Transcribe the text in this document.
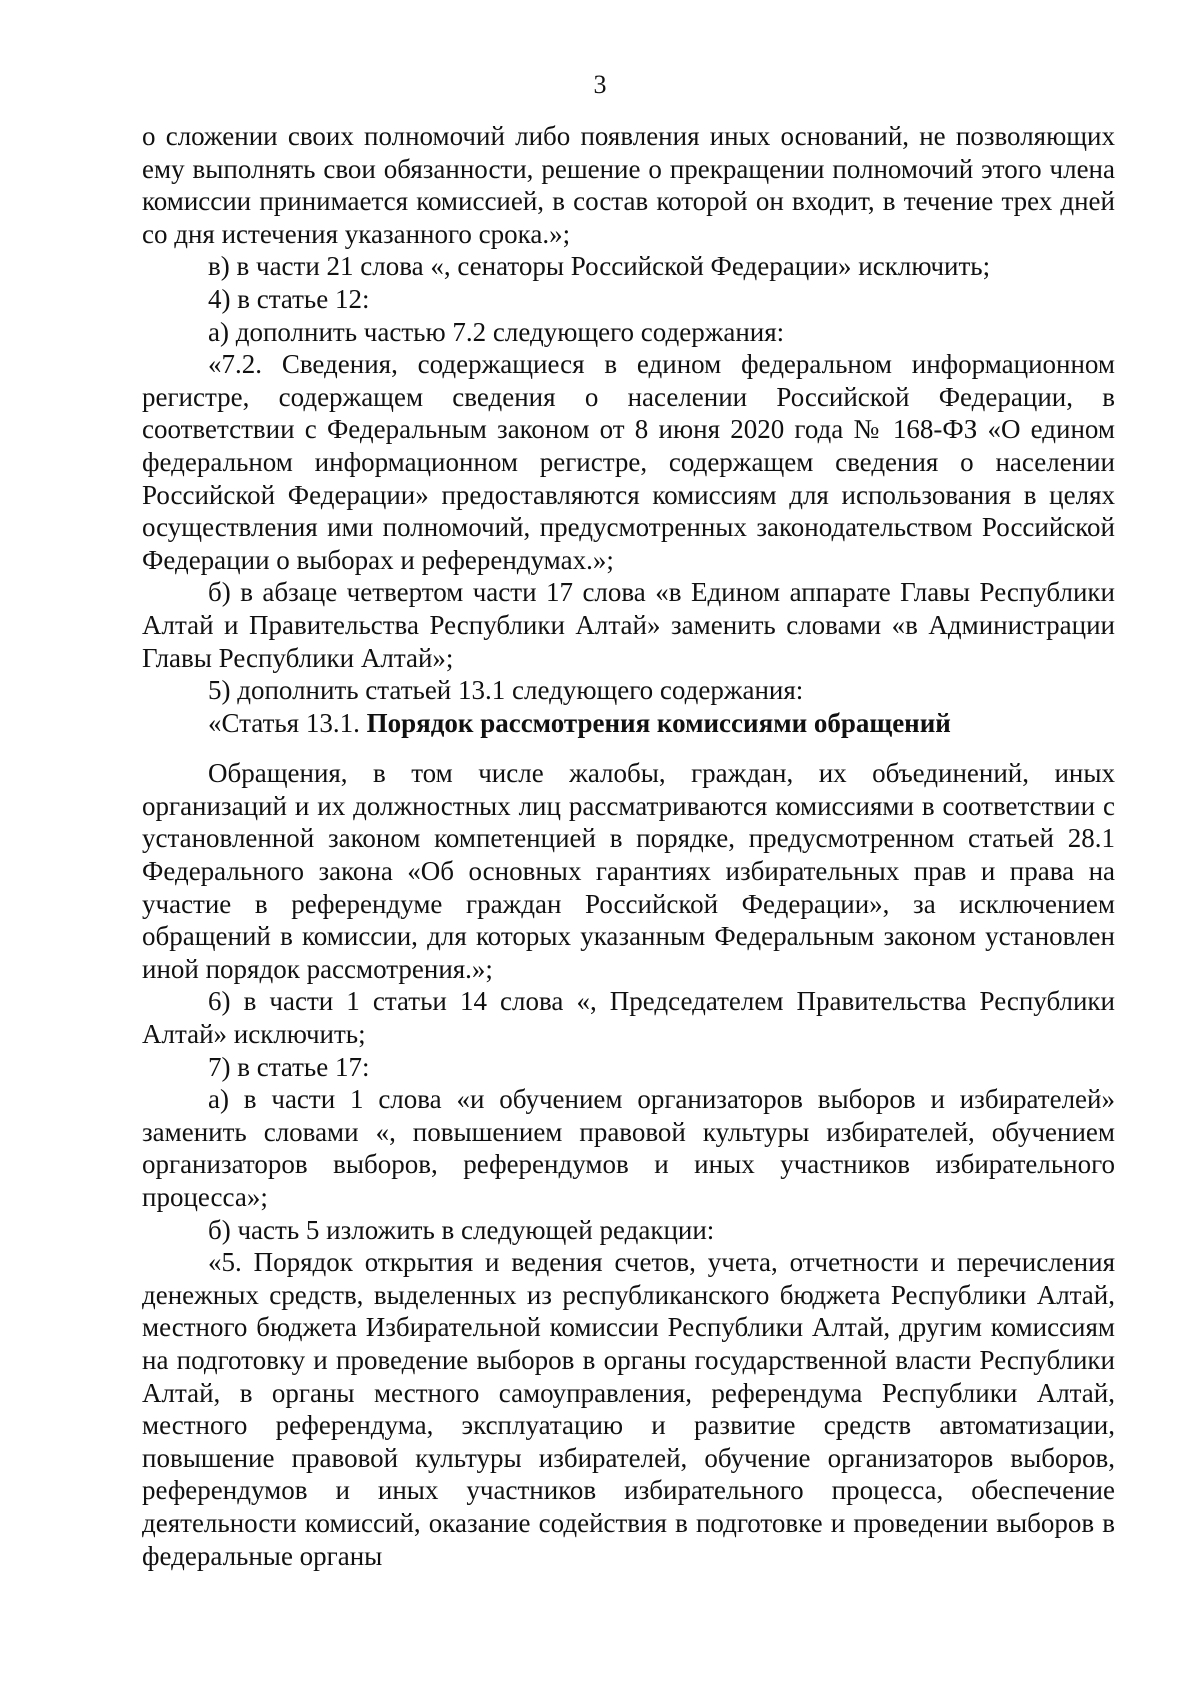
3

о сложении своих полномочий либо появления иных оснований, не позволяющих ему выполнять свои обязанности, решение о прекращении полномочий этого члена комиссии принимается комиссией, в состав которой он входит, в течение трех дней со дня истечения указанного срока.»;

в) в части 21 слова «, сенаторы Российской Федерации» исключить;

4) в статье 12:

а) дополнить частью 7.2 следующего содержания:

«7.2. Сведения, содержащиеся в едином федеральном информационном регистре, содержащем сведения о населении Российской Федерации, в соответствии с Федеральным законом от 8 июня 2020 года № 168-ФЗ «О едином федеральном информационном регистре, содержащем сведения о населении Российской Федерации» предоставляются комиссиям для использования в целях осуществления ими полномочий, предусмотренных законодательством Российской Федерации о выборах и референдумах.»;

б) в абзаце четвертом части 17 слова «в Едином аппарате Главы Республики Алтай и Правительства Республики Алтай» заменить словами «в Администрации Главы Республики Алтай»;

5) дополнить статьей 13.1 следующего содержания:

«Статья 13.1. Порядок рассмотрения комиссиями обращений

Обращения, в том числе жалобы, граждан, их объединений, иных организаций и их должностных лиц рассматриваются комиссиями в соответствии с установленной законом компетенцией в порядке, предусмотренном статьей 28.1 Федерального закона «Об основных гарантиях избирательных прав и права на участие в референдуме граждан Российской Федерации», за исключением обращений в комиссии, для которых указанным Федеральным законом установлен иной порядок рассмотрения.»;

6) в части 1 статьи 14 слова «, Председателем Правительства Республики Алтай» исключить;

7) в статье 17:

а) в части 1 слова «и обучением организаторов выборов и избирателей» заменить словами «, повышением правовой культуры избирателей, обучением организаторов выборов, референдумов и иных участников избирательного процесса»;

б) часть 5 изложить в следующей редакции:

«5. Порядок открытия и ведения счетов, учета, отчетности и перечисления денежных средств, выделенных из республиканского бюджета Республики Алтай, местного бюджета Избирательной комиссии Республики Алтай, другим комиссиям на подготовку и проведение выборов в органы государственной власти Республики Алтай, в органы местного самоуправления, референдума Республики Алтай, местного референдума, эксплуатацию и развитие средств автоматизации, повышение правовой культуры избирателей, обучение организаторов выборов, референдумов и иных участников избирательного процесса, обеспечение деятельности комиссий, оказание содействия в подготовке и проведении выборов в федеральные органы
